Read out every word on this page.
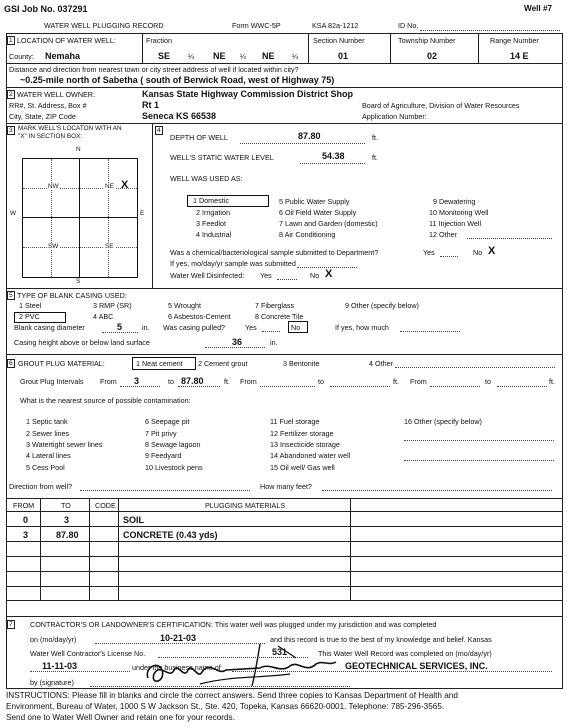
GSI Job No. 037291	Well #7
WATER WELL PLUGGING RECORD	Form WWC-5P	KSA 82a-1212	ID No.
1 LOCATION OF WATER WELL:	Fraction	Section Number	Township Number	Range Number
County: Nemaha	SE ¼ NE ¼ NE ¼	01	02	14 E
Distance and direction from nearest town or city street address of well if located within city?
~0.25-mile north of Sabetha ( south of Berwick Road, west of Highway 75)
2 WATER WELL OWNER:	Kansas State Highway Commission District Shop
RR#, St. Address, Box #	Rt 1	Board of Agriculture, Division of Water Resources
City, State, ZIP Code	Seneca KS 66538	Application Number:
3 MARK WELL'S LOCATON WITH AN
"X" IN SECTION BOX:
N
S
W	E
NW	NE
SW	SE
X
4
DEPTH OF WELL	87.80	ft.
WELL'S STATIC WATER LEVEL	54.38	ft.
WELL WAS USED AS:
1 Domestic
2 Irrigation
3 Feedlot
4 Industrial
5 Public Water Supply
6 Oil Field Water Supply
7 Lawn and Garden (domestic)
8 Air Conditioning
9 Dewatering
10 Monitoring Well
11 Injection Well
12 Other
Was a chemical/bacteriological sample submitted to Department?	Yes	No X
If yes, mo/day/yr sample was submitted
Water Well Disinfected: Yes	No X
5 TYPE OF BLANK CASING USED:
1 Steel	3 RMP (SR)	5 Wrought	7 Fiberglass	9 Other (specify below)
2 PVC	4 ABC	6 Asbestos-Cement	8 Concrete Tile
Blank casing diameter	5	in. Was casing pulled?	Yes	No	If yes, how much
Casing height above or below land surface	36	in.
6 GROUT PLUG MATERIAL:	1 Neat cement 2 Cement grout	3 Bentonite	4 Other
Grout Plug Intervals From 3	to 87.80	ft. From	to	ft. From	to	ft.
What is the nearest source of possible contamination:
1 Septic tank
2 Sewer lines
3 Watertight sewer lines
4 Lateral lines
5 Cess Pool
6 Seepage pit
7 Pit privy
8 Sewage lagoon
9 Feedyard
10 Livestock pens
11 Fuel storage
12 Fertilizer storage
13 Insecticide storage
14 Abandoned water well
15 Oil well/ Gas well
16 Other (specify below)
Direction from well?	How many feet?
FROM	TO	CODE	PLUGGING MATERIALS
0	3	SOIL
3	87.80	CONCRETE (0.43 yds)
7 CONTRACTOR'S OR LANDOWNER'S CERTIFICATION: This water well was plugged under my jurisdiction and was completed
on (mo/day/yr)	10-21-03	and this record is true to the best of my knowledge and belief. Kansas
Water Well Contractor's License No.	531	This Water Well Record was completed on (mo/day/yr)
11-11-03	under the business name of	GEOTECHNICAL SERVICES, INC.
by (signature)
INSTRUCTIONS: Please fill in blanks and circle the correct answers. Send three copies to Kansas Department of Health and
Environment, Bureau of Water, 1000 S W Jackson St., Ste. 420, Topeka, Kansas 66620-0001. Telephone: 785-296-3565.
Send one to Water Well Owner and retain one for your records.
